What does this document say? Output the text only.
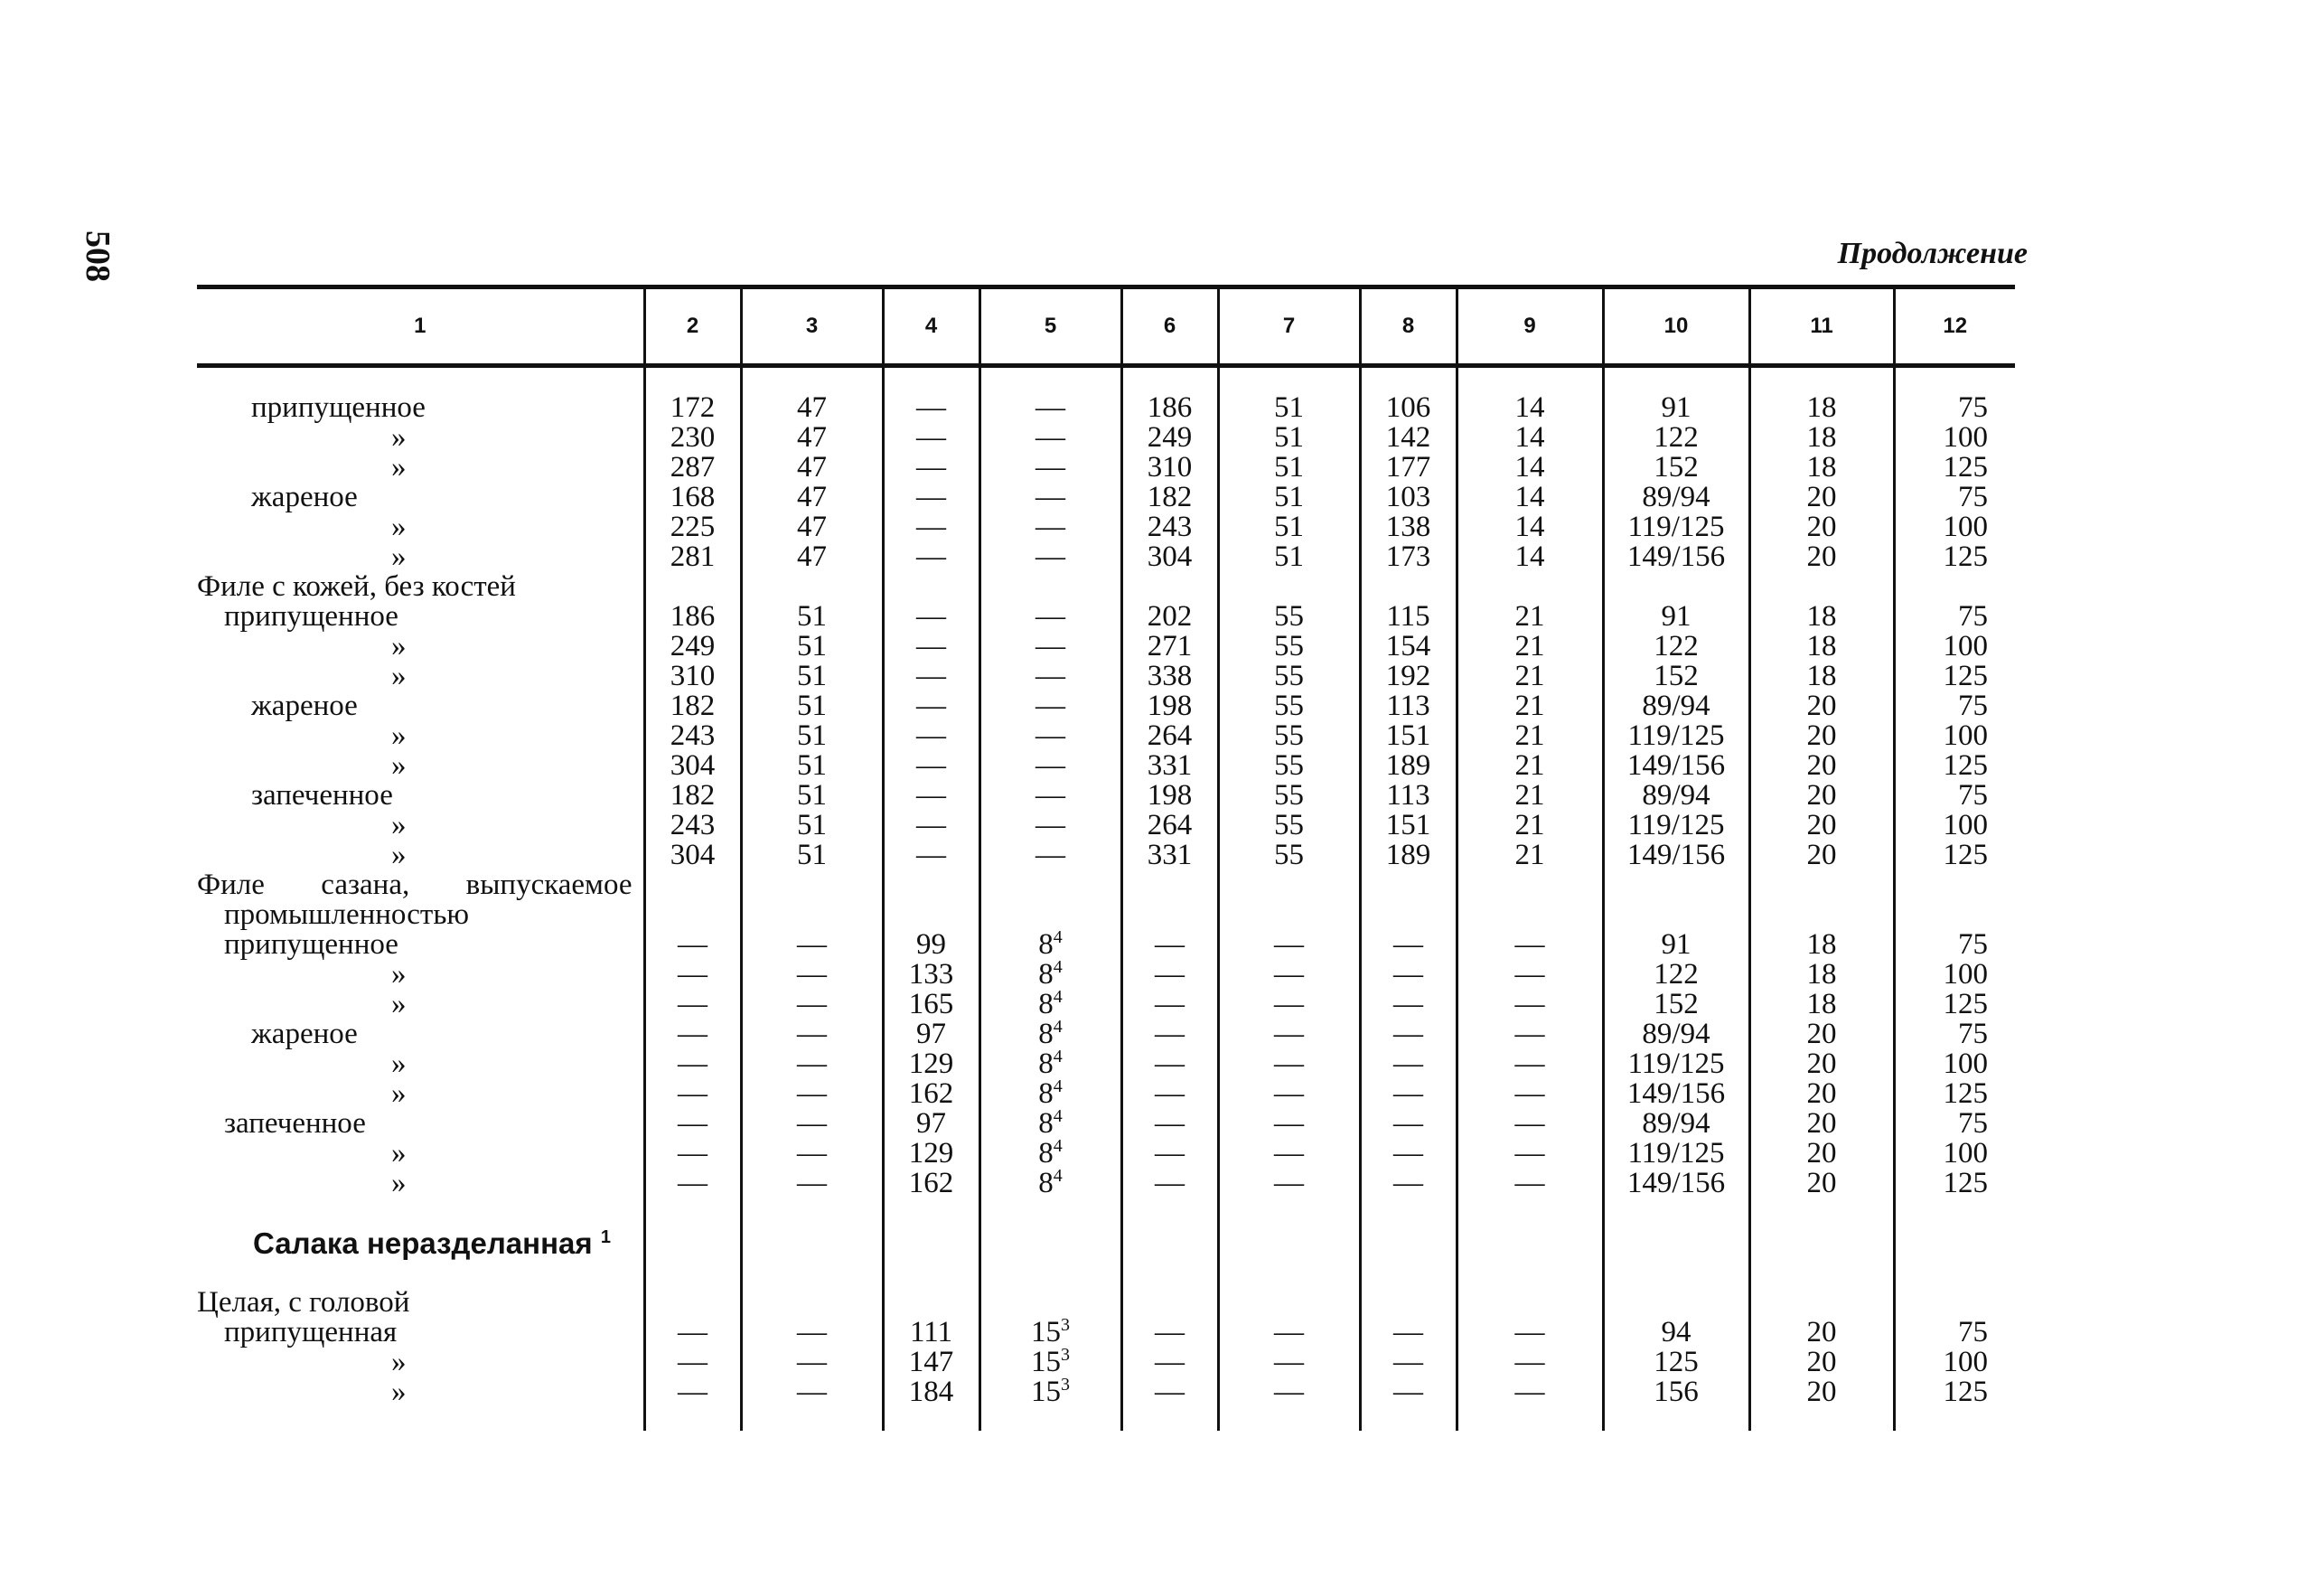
508	Продолжение
1	2	3	4	5	6	7	8	9	10	11	12
припущенное	172	47	—	—	186	51	106	14	91	18	75
»	230	47	—	—	249	51	142	14	122	18	100
»	287	47	—	—	310	51	177	14	152	18	125
жареное	168	47	—	—	182	51	103	14	89/94	20	75
»	225	47	—	—	243	51	138	14	119/125	20	100
»	281	47	—	—	304	51	173	14	149/156	20	125
Филе с кожей, без костей											
припущенное	186	51	—	—	202	55	115	21	91	18	75
»	249	51	—	—	271	55	154	21	122	18	100
»	310	51	—	—	338	55	192	21	152	18	125
жареное	182	51	—	—	198	55	113	21	89/94	20	75
»	243	51	—	—	264	55	151	21	119/125	20	100
»	304	51	—	—	331	55	189	21	149/156	20	125
запеченное	182	51	—	—	198	55	113	21	89/94	20	75
»	243	51	—	—	264	55	151	21	119/125	20	100
»	304	51	—	—	331	55	189	21	149/156	20	125
Филе сазана, выпускаемое											
промышленностью											
припущенное	—	—	99	$8^4$	—	—	—	—	91	18	75
»	—	—	133	$8^4$	—	—	—	—	122	18	100
»	—	—	165	$8^4$	—	—	—	—	152	18	125
жареное	—	—	97	$8^4$	—	—	—	—	89/94	20	75
»	—	—	129	$8^4$	—	—	—	—	119/125	20	100
»	—	—	162	$8^4$	—	—	—	—	149/156	20	125
запеченное	—	—	97	$8^4$	—	—	—	—	89/94	20	75
»	—	—	129	$8^4$	—	—	—	—	119/125	20	100
»	—	—	162	$8^4$	—	—	—	—	149/156	20	125

Салака неразделанная $^1$											

Целая, с головой											
припущенная	—	—	111	$15^3$	—	—	—	—	94	20	75
»	—	—	147	$15^3$	—	—	—	—	125	20	100
»	—	—	184	$15^3$	—	—	—	—	156	20	125
